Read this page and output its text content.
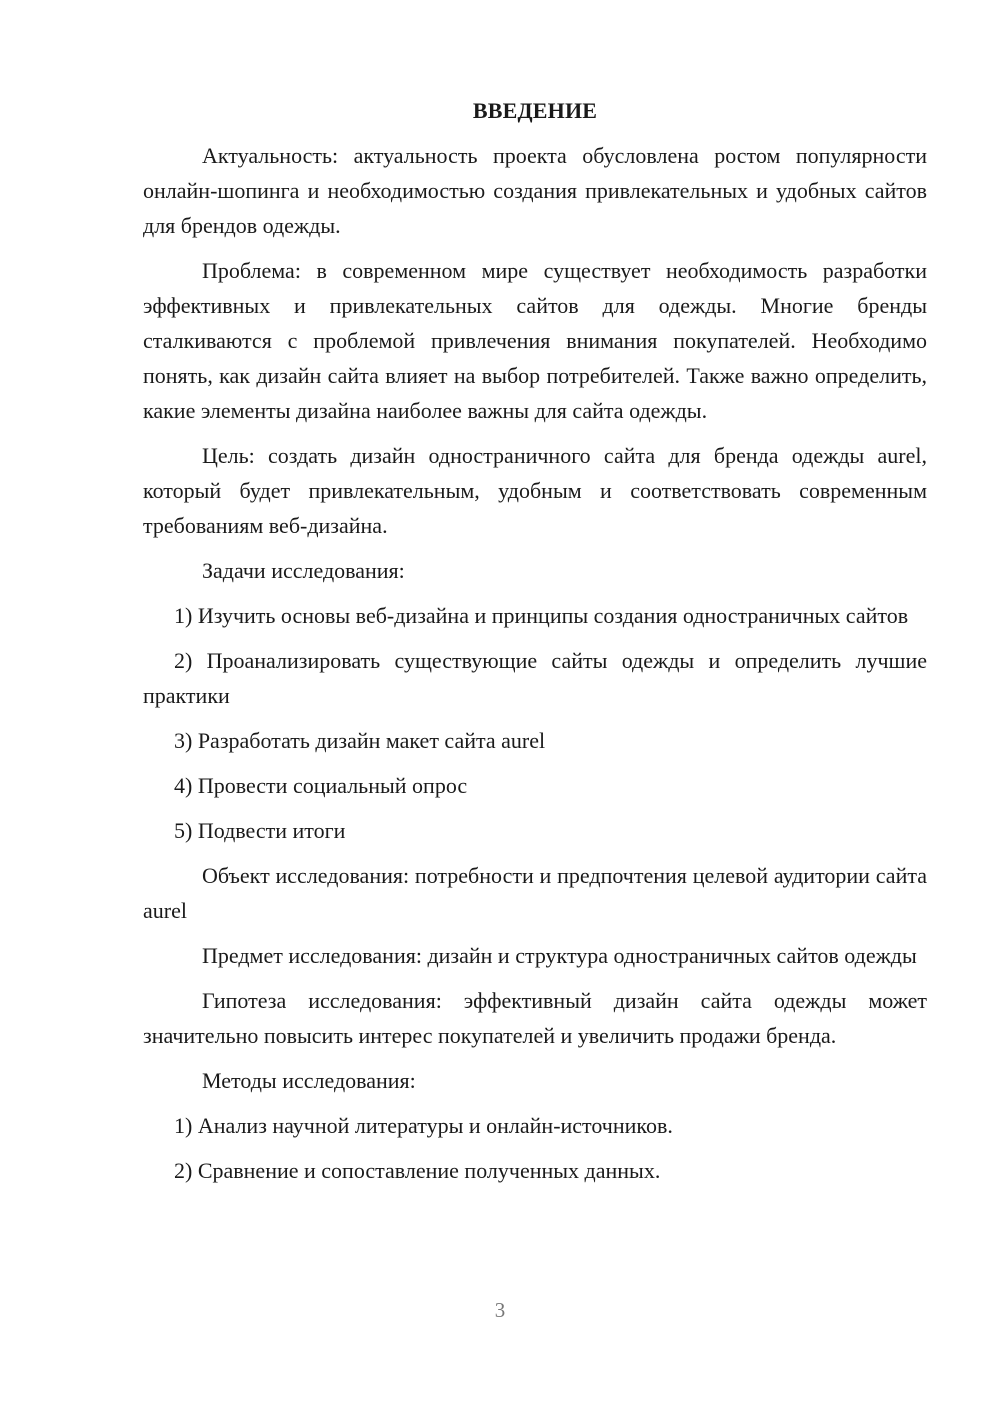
ВВЕДЕНИЕ

Актуальность: актуальность проекта обусловлена ростом популярности онлайн-шопинга и необходимостью создания привлекательных и удобных сайтов для брендов одежды.

Проблема: в современном мире существует необходимость разработки эффективных и привлекательных сайтов для одежды. Многие бренды сталкиваются с проблемой привлечения внимания покупателей. Необходимо понять, как дизайн сайта влияет на выбор потребителей. Также важно определить, какие элементы дизайна наиболее важны для сайта одежды.

Цель: создать дизайн одностраничного сайта для бренда одежды aurel, который будет привлекательным, удобным и соответствовать современным требованиям веб-дизайна.

Задачи исследования:

1) Изучить основы веб-дизайна и принципы создания одностраничных сайтов

2) Проанализировать существующие сайты одежды и определить лучшие практики

3) Разработать дизайн макет сайта aurel

4) Провести социальный опрос

5) Подвести итоги

Объект исследования: потребности и предпочтения целевой аудитории сайта aurel

Предмет исследования: дизайн и структура одностраничных сайтов одежды

Гипотеза исследования: эффективный дизайн сайта одежды может значительно повысить интерес покупателей и увеличить продажи бренда.

Методы исследования:

1) Анализ научной литературы и онлайн-источников.

2) Сравнение и сопоставление полученных данных.

3
